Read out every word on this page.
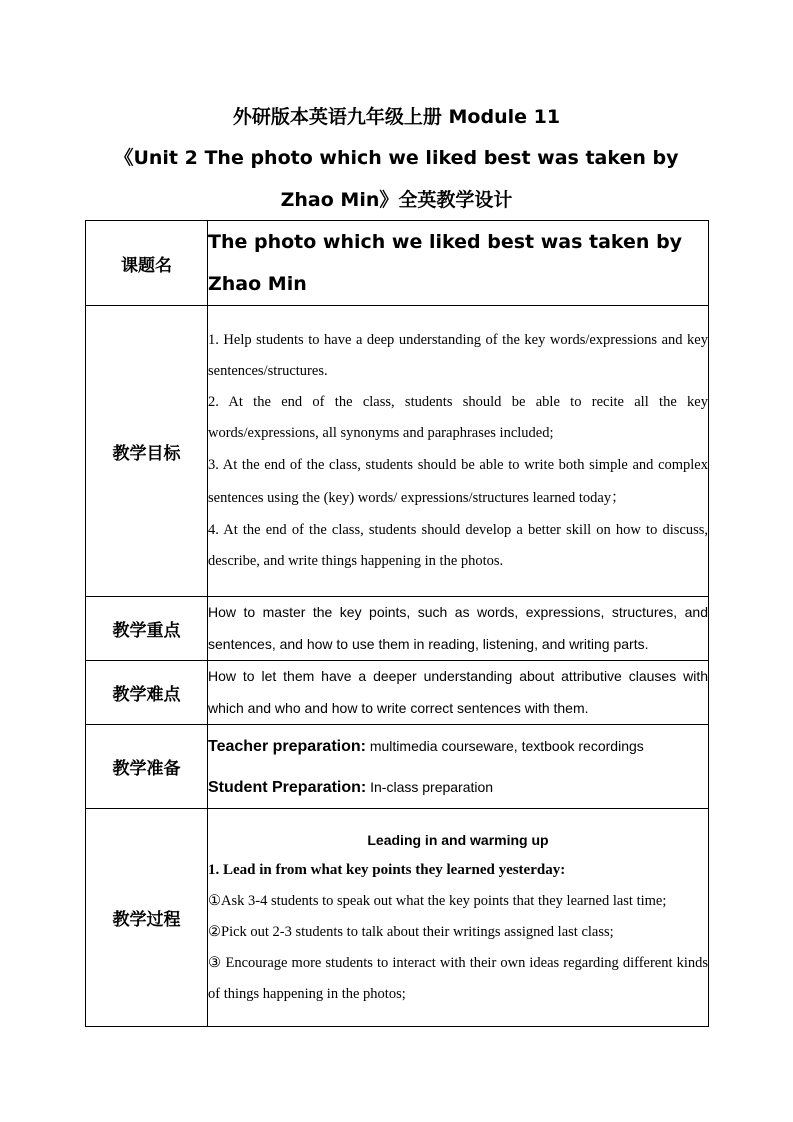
外研版本英语九年级上册 Module 11
《Unit 2 The photo which we liked best was taken by
Zhao Min》全英教学设计
课题名	The photo which we liked best was taken by
Zhao Min

教学目标	1. Help students to have a deep understanding of the key words/expressions and key sentences/structures.

2. At the end of the class, students should be able to recite all the key words/expressions, all synonyms and paraphrases included;

3. At the end of the class, students should be able to write both simple and complex sentences using the (key) words/ expressions/structures learned today；

4. At the end of the class, students should develop a better skill on how to discuss, describe, and write things happening in the photos.

教学重点	How to master the key points, such as words, expressions, structures, and sentences, and how to use them in reading, listening, and writing parts.
教学难点	How to let them have a deeper understanding about attributive clauses with which and who and how to write correct sentences with them.
教学准备	Teacher preparation: multimedia courseware, textbook recordings
Student Preparation: In-class preparation

教学过程	Leading in and warming up
1. Lead in from what key points they learned yesterday:
①Ask 3-4 students to speak out what the key points that they learned last time;
②Pick out 2-3 students to talk about their writings assigned last class;
③ Encourage more students to interact with their own ideas regarding different kinds of things happening in the photos;
